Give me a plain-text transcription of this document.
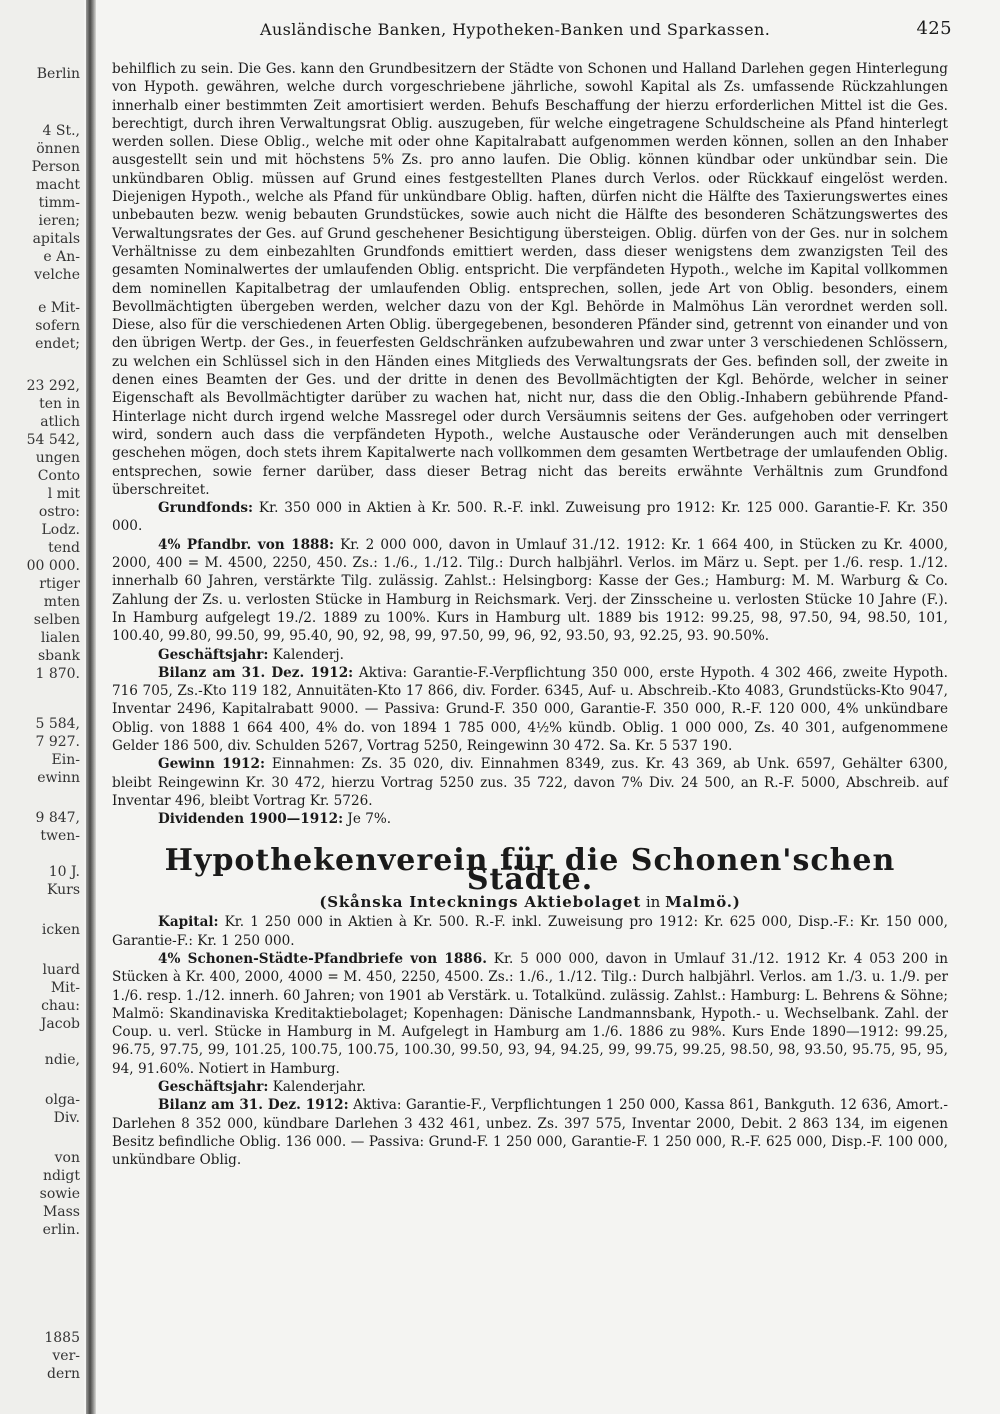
Berlin
4 St.,
önnen
Person
macht
timm-
ieren;
apitals
e An-
velche
e Mit-
sofern
endet;
23 292,
ten in
atlich
54 542,
ungen
Conto
l mit
ostro:
Lodz.
tend
00 000.
rtiger
mten
selben
lialen
sbank
1 870.
5 584,
7 927.
Ein-
ewinn
9 847,
twen-
10 J.
Kurs
icken
luard
Mit-
chau:
Jacob
ndie,
olga-
Div.
von
ndigt
sowie
Mass
erlin.
1885
ver-
dern
Ausländische Banken, Hypotheken-Banken und Sparkassen.	425

behilflich zu sein. Die Ges. kann den Grundbesitzern der Städte von Schonen und Halland Darlehen gegen Hinterlegung von Hypoth. gewähren, welche durch vorgeschriebene jährliche, sowohl Kapital als Zs. umfassende Rückzahlungen innerhalb einer bestimmten Zeit amortisiert werden. Behufs Beschaffung der hierzu erforderlichen Mittel ist die Ges. berechtigt, durch ihren Verwaltungsrat Oblig. auszugeben, für welche eingetragene Schuldscheine als Pfand hinterlegt werden sollen. Diese Oblig., welche mit oder ohne Kapitalrabatt aufgenommen werden können, sollen an den Inhaber ausgestellt sein und mit höchstens 5% Zs. pro anno laufen. Die Oblig. können kündbar oder unkündbar sein. Die unkündbaren Oblig. müssen auf Grund eines festgestellten Planes durch Verlos. oder Rückkauf eingelöst werden. Diejenigen Hypoth., welche als Pfand für unkündbare Oblig. haften, dürfen nicht die Hälfte des Taxierungswertes eines unbebauten bezw. wenig bebauten Grundstückes, sowie auch nicht die Hälfte des besonderen Schätzungswertes des Verwaltungsrates der Ges. auf Grund geschehener Besichtigung übersteigen. Oblig. dürfen von der Ges. nur in solchem Verhältnisse zu dem einbezahlten Grundfonds emittiert werden, dass dieser wenigstens dem zwanzigsten Teil des gesamten Nominalwertes der umlaufenden Oblig. entspricht. Die verpfändeten Hypoth., welche im Kapital vollkommen dem nominellen Kapitalbetrag der umlaufenden Oblig. entsprechen, sollen, jede Art von Oblig. besonders, einem Bevollmächtigten übergeben werden, welcher dazu von der Kgl. Behörde in Malmöhus Län verordnet werden soll. Diese, also für die verschiedenen Arten Oblig. übergegebenen, besonderen Pfänder sind, getrennt von einander und von den übrigen Wertp. der Ges., in feuerfesten Geldschränken aufzubewahren und zwar unter 3 verschiedenen Schlössern, zu welchen ein Schlüssel sich in den Händen eines Mitglieds des Verwaltungsrats der Ges. befinden soll, der zweite in denen eines Beamten der Ges. und der dritte in denen des Bevollmächtigten der Kgl. Behörde, welcher in seiner Eigenschaft als Bevollmächtigter darüber zu wachen hat, nicht nur, dass die den Oblig.-Inhabern gebührende Pfand-Hinterlage nicht durch irgend welche Massregel oder durch Versäumnis seitens der Ges. aufgehoben oder verringert wird, sondern auch dass die verpfändeten Hypoth., welche Austausche oder Veränderungen auch mit denselben geschehen mögen, doch stets ihrem Kapitalwerte nach vollkommen dem gesamten Wertbetrage der umlaufenden Oblig. entsprechen, sowie ferner darüber, dass dieser Betrag nicht das bereits erwähnte Verhältnis zum Grundfond überschreitet.

Grundfonds: Kr. 350 000 in Aktien à Kr. 500. R.-F. inkl. Zuweisung pro 1912: Kr. 125 000. Garantie-F. Kr. 350 000.

4% Pfandbr. von 1888: Kr. 2 000 000, davon in Umlauf 31./12. 1912: Kr. 1 664 400, in Stücken zu Kr. 4000, 2000, 400 = M. 4500, 2250, 450. Zs.: 1./6., 1./12. Tilg.: Durch halbjährl. Verlos. im März u. Sept. per 1./6. resp. 1./12. innerhalb 60 Jahren, verstärkte Tilg. zulässig. Zahlst.: Helsingborg: Kasse der Ges.; Hamburg: M. M. Warburg & Co. Zahlung der Zs. u. verlosten Stücke in Hamburg in Reichsmark. Verj. der Zinsscheine u. verlosten Stücke 10 Jahre (F.). In Hamburg aufgelegt 19./2. 1889 zu 100%. Kurs in Hamburg ult. 1889 bis 1912: 99.25, 98, 97.50, 94, 98.50, 101, 100.40, 99.80, 99.50, 99, 95.40, 90, 92, 98, 99, 97.50, 99, 96, 92, 93.50, 93, 92.25, 93. 90.50%.

Geschäftsjahr: Kalenderj.

Bilanz am 31. Dez. 1912: Aktiva: Garantie-F.-Verpflichtung 350 000, erste Hypoth. 4 302 466, zweite Hypoth. 716 705, Zs.-Kto 119 182, Annuitäten-Kto 17 866, div. Forder. 6345, Auf- u. Abschreib.-Kto 4083, Grundstücks-Kto 9047, Inventar 2496, Kapitalrabatt 9000. — Passiva: Grund-F. 350 000, Garantie-F. 350 000, R.-F. 120 000, 4% unkündbare Oblig. von 1888 1 664 400, 4% do. von 1894 1 785 000, 4½% kündb. Oblig. 1 000 000, Zs. 40 301, aufgenommene Gelder 186 500, div. Schulden 5267, Vortrag 5250, Reingewinn 30 472. Sa. Kr. 5 537 190.

Gewinn 1912: Einnahmen: Zs. 35 020, div. Einnahmen 8349, zus. Kr. 43 369, ab Unk. 6597, Gehälter 6300, bleibt Reingewinn Kr. 30 472, hierzu Vortrag 5250 zus. 35 722, davon 7% Div. 24 500, an R.-F. 5000, Abschreib. auf Inventar 496, bleibt Vortrag Kr. 5726.

Dividenden 1900—1912: Je 7%.

Hypothekenverein für die Schonen'schen Städte.
(Skånska Intecknings Aktiebolaget in Malmö.)

Kapital: Kr. 1 250 000 in Aktien à Kr. 500. R.-F. inkl. Zuweisung pro 1912: Kr. 625 000, Disp.-F.: Kr. 150 000, Garantie-F.: Kr. 1 250 000.

4% Schonen-Städte-Pfandbriefe von 1886. Kr. 5 000 000, davon in Umlauf 31./12. 1912 Kr. 4 053 200 in Stücken à Kr. 400, 2000, 4000 = M. 450, 2250, 4500. Zs.: 1./6., 1./12. Tilg.: Durch halbjährl. Verlos. am 1./3. u. 1./9. per 1./6. resp. 1./12. innerh. 60 Jahren; von 1901 ab Verstärk. u. Totalkünd. zulässig. Zahlst.: Hamburg: L. Behrens & Söhne; Malmö: Skandinaviska Kreditaktiebolaget; Kopenhagen: Dänische Landmannsbank, Hypoth.- u. Wechselbank. Zahl. der Coup. u. verl. Stücke in Hamburg in M. Aufgelegt in Hamburg am 1./6. 1886 zu 98%. Kurs Ende 1890—1912: 99.25, 96.75, 97.75, 99, 101.25, 100.75, 100.75, 100.30, 99.50, 93, 94, 94.25, 99, 99.75, 99.25, 98.50, 98, 93.50, 95.75, 95, 95, 94, 91.60%. Notiert in Hamburg.

Geschäftsjahr: Kalenderjahr.

Bilanz am 31. Dez. 1912: Aktiva: Garantie-F., Verpflichtungen 1 250 000, Kassa 861, Bankguth. 12 636, Amort.-Darlehen 8 352 000, kündbare Darlehen 3 432 461, unbez. Zs. 397 575, Inventar 2000, Debit. 2 863 134, im eigenen Besitz befindliche Oblig. 136 000. — Passiva: Grund-F. 1 250 000, Garantie-F. 1 250 000, R.-F. 625 000, Disp.-F. 100 000, unkündbare Oblig.
